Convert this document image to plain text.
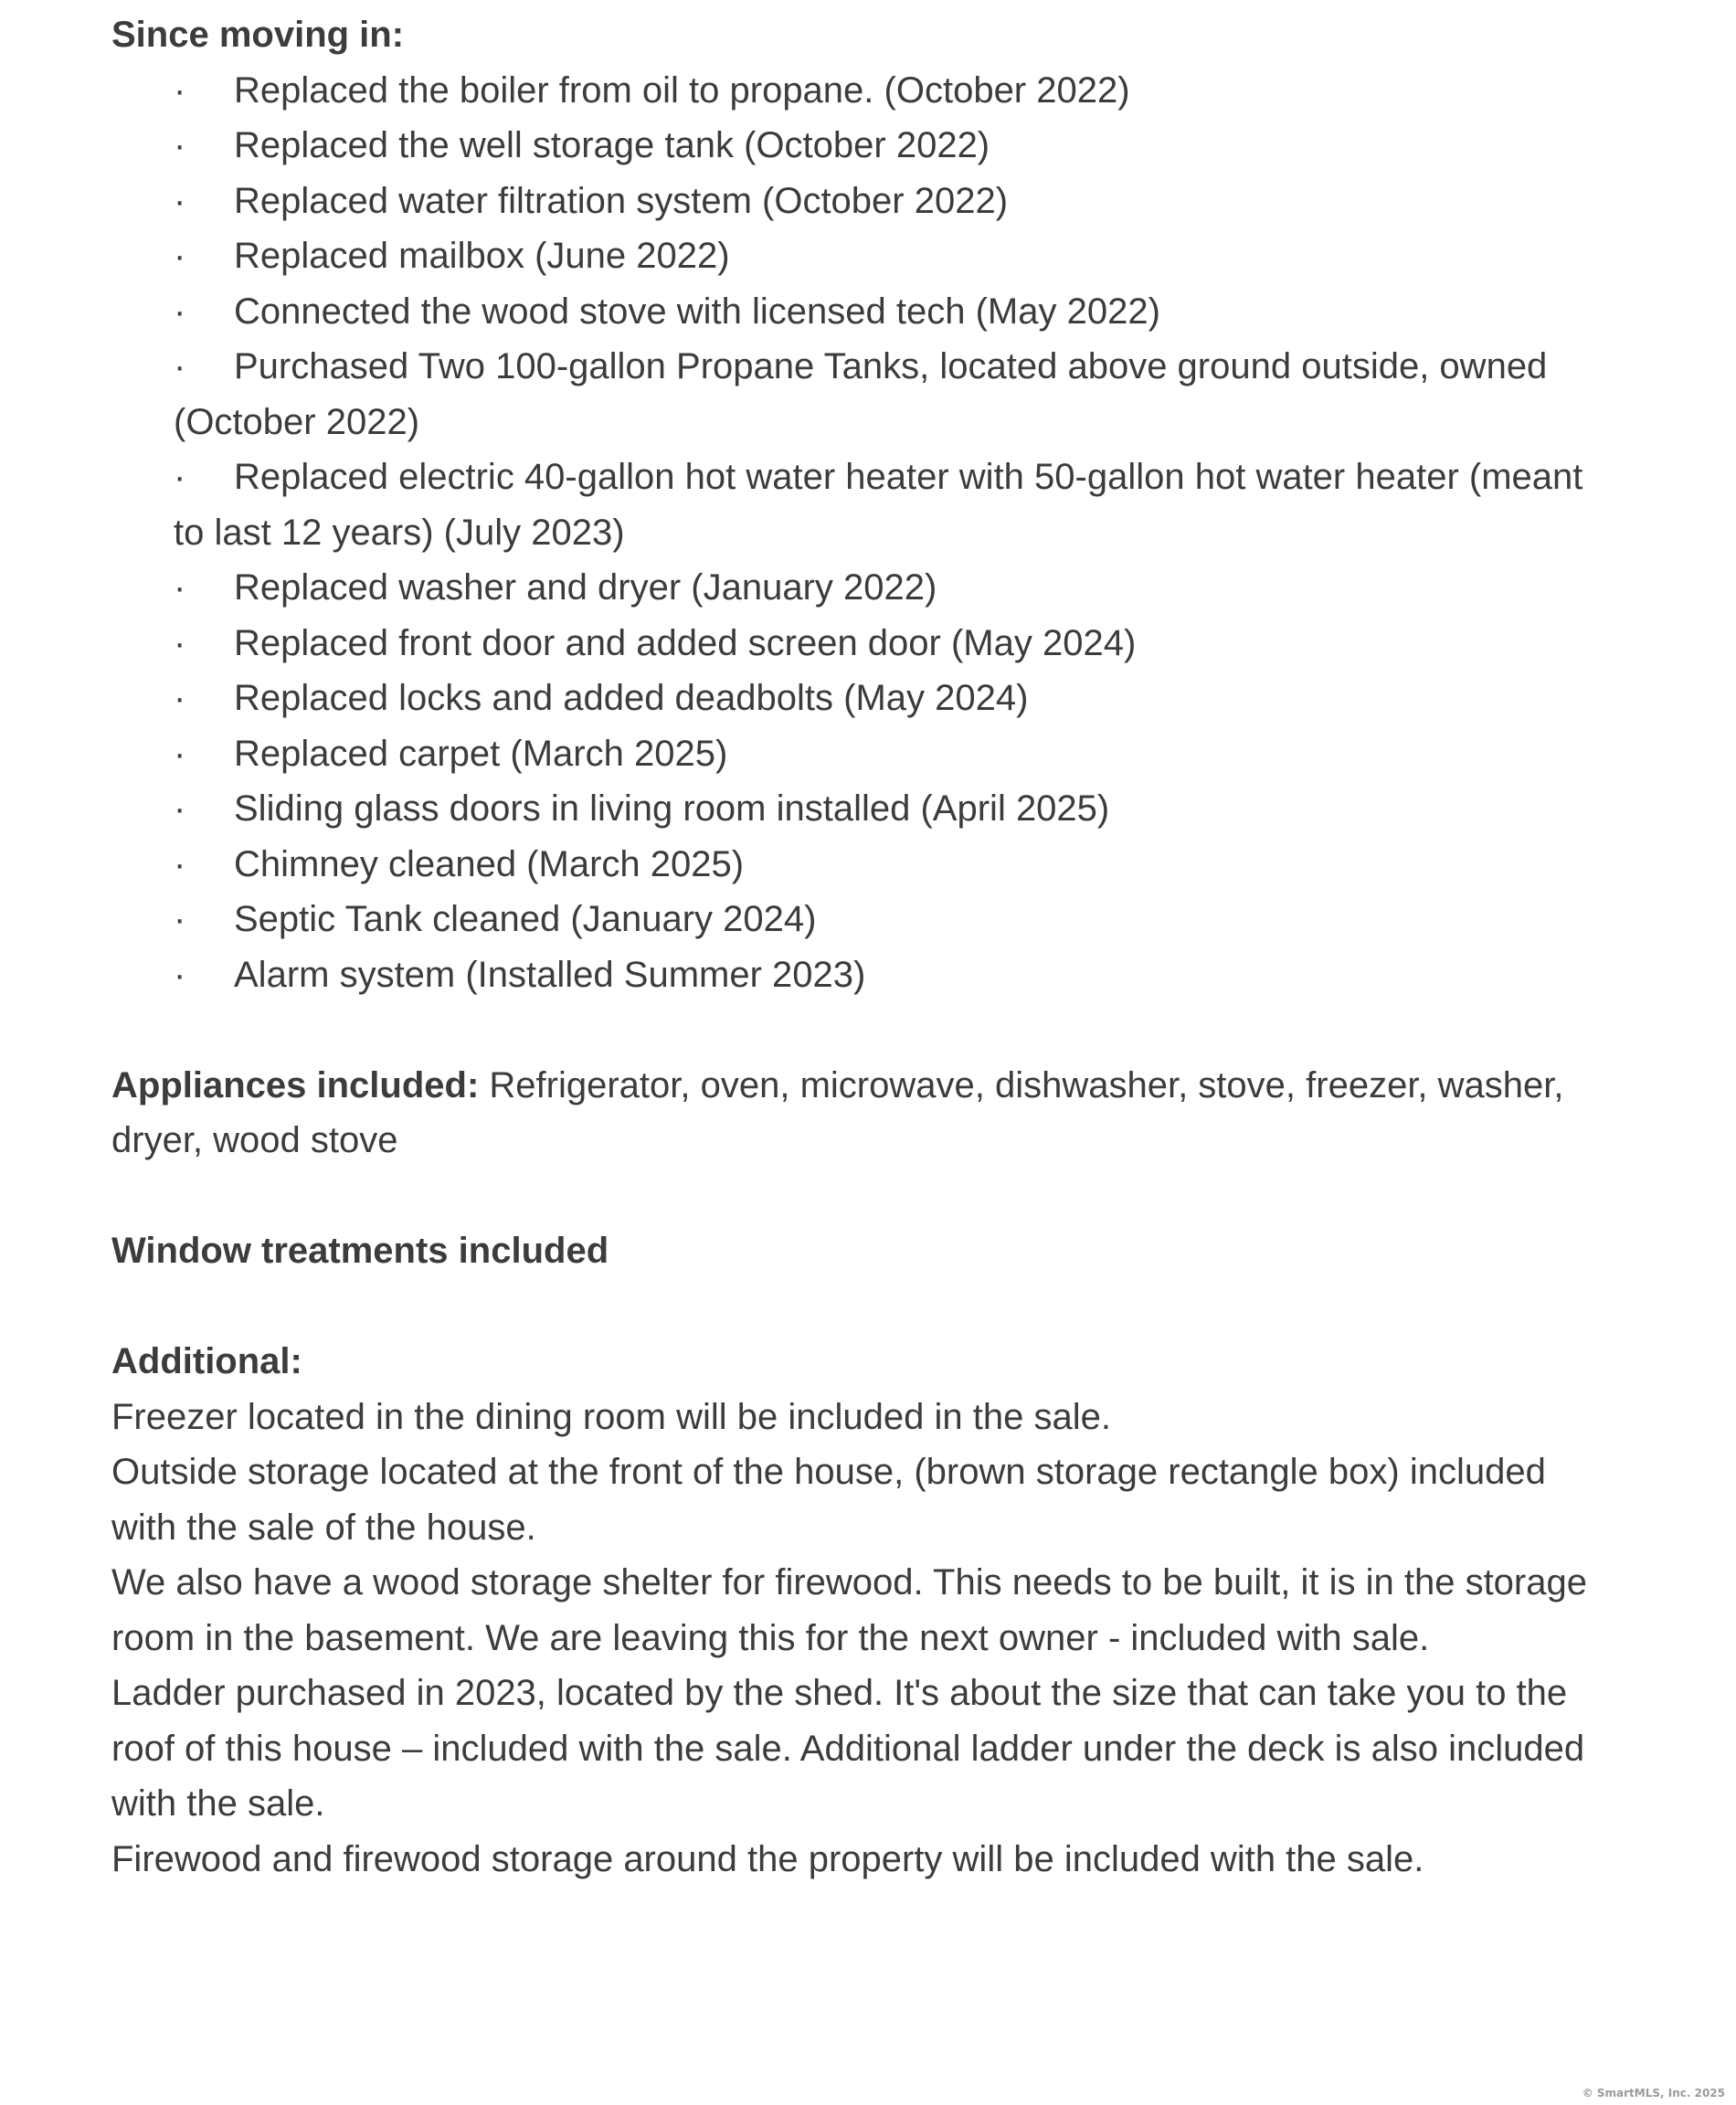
Since moving in:

· Replaced the boiler from oil to propane. (October 2022)
· Replaced the well storage tank (October 2022)
· Replaced water filtration system (October 2022)
· Replaced mailbox (June 2022)
· Connected the wood stove with licensed tech (May 2022)
· Purchased Two 100-gallon Propane Tanks, located above ground outside, owned (October 2022)
· Replaced electric 40-gallon hot water heater with 50-gallon hot water heater (meant to last 12 years) (July 2023)
· Replaced washer and dryer (January 2022)
· Replaced front door and added screen door (May 2024)
· Replaced locks and added deadbolts (May 2024)
· Replaced carpet (March 2025)
· Sliding glass doors in living room installed (April 2025)
· Chimney cleaned (March 2025)
· Septic Tank cleaned (January 2024)
· Alarm system (Installed Summer 2023)

Appliances included: Refrigerator, oven, microwave, dishwasher, stove, freezer, washer, dryer, wood stove

Window treatments included

Additional:

Freezer located in the dining room will be included in the sale.

Outside storage located at the front of the house, (brown storage rectangle box) included with the sale of the house.

We also have a wood storage shelter for firewood. This needs to be built, it is in the storage room in the basement. We are leaving this for the next owner - included with sale.

Ladder purchased in 2023, located by the shed. It's about the size that can take you to the roof of this house – included with the sale. Additional ladder under the deck is also included with the sale.

Firewood and firewood storage around the property will be included with the sale.

© SmartMLS, Inc. 2025
